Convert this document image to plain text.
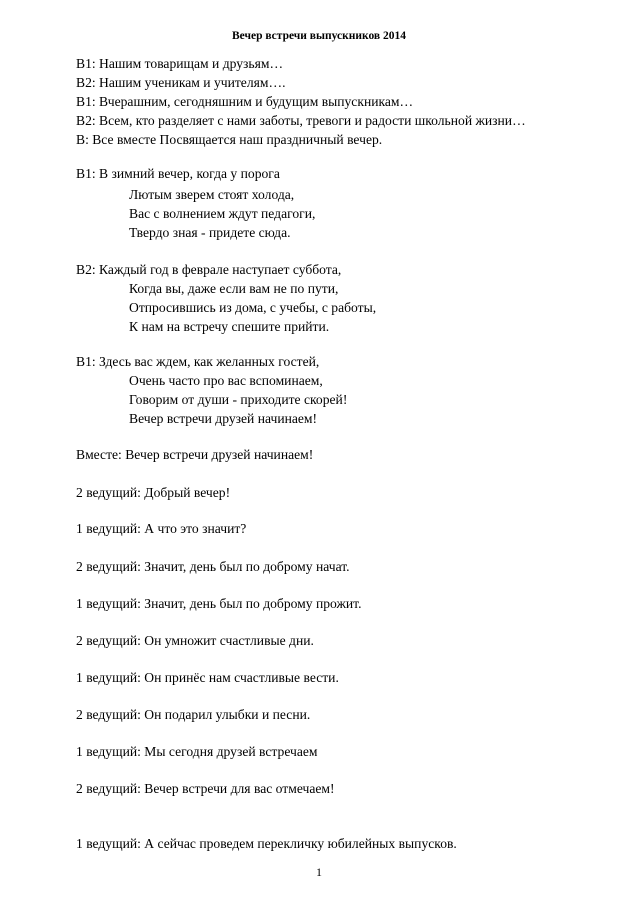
Вечер встречи выпускников 2014
В1: Нашим товарищам и друзьям…
В2: Нашим ученикам и учителям….
В1: Вчерашним, сегодняшним и будущим выпускникам…
В2: Всем, кто разделяет с нами заботы, тревоги и радости школьной жизни…
В: Все вместе Посвящается наш праздничный вечер.
В1: В зимний вечер, когда у порога
Лютым зверем стоят холода,
Вас с волнением ждут педагоги,
Твердо зная - придете сюда.
В2: Каждый год в феврале наступает суббота,
Когда вы, даже если вам не по пути,
Отпросившись из дома, с учебы, с работы,
К нам на встречу спешите прийти.
В1: Здесь вас ждем, как желанных гостей,
Очень часто про вас вспоминаем,
Говорим от души - приходите скорей!
Вечер встречи друзей начинаем!
Вместе: Вечер встречи друзей начинаем!
2 ведущий: Добрый вечер!
1 ведущий: А что это значит?
2 ведущий: Значит, день был по доброму начат.
1 ведущий: Значит, день был по доброму прожит.
2 ведущий: Он умножит счастливые дни.
1 ведущий: Он принёс нам счастливые вести.
2 ведущий: Он подарил улыбки и песни.
1 ведущий: Мы сегодня друзей встречаем
2 ведущий: Вечер встречи для вас отмечаем!
1 ведущий: А сейчас проведем перекличку юбилейных выпусков.
1
